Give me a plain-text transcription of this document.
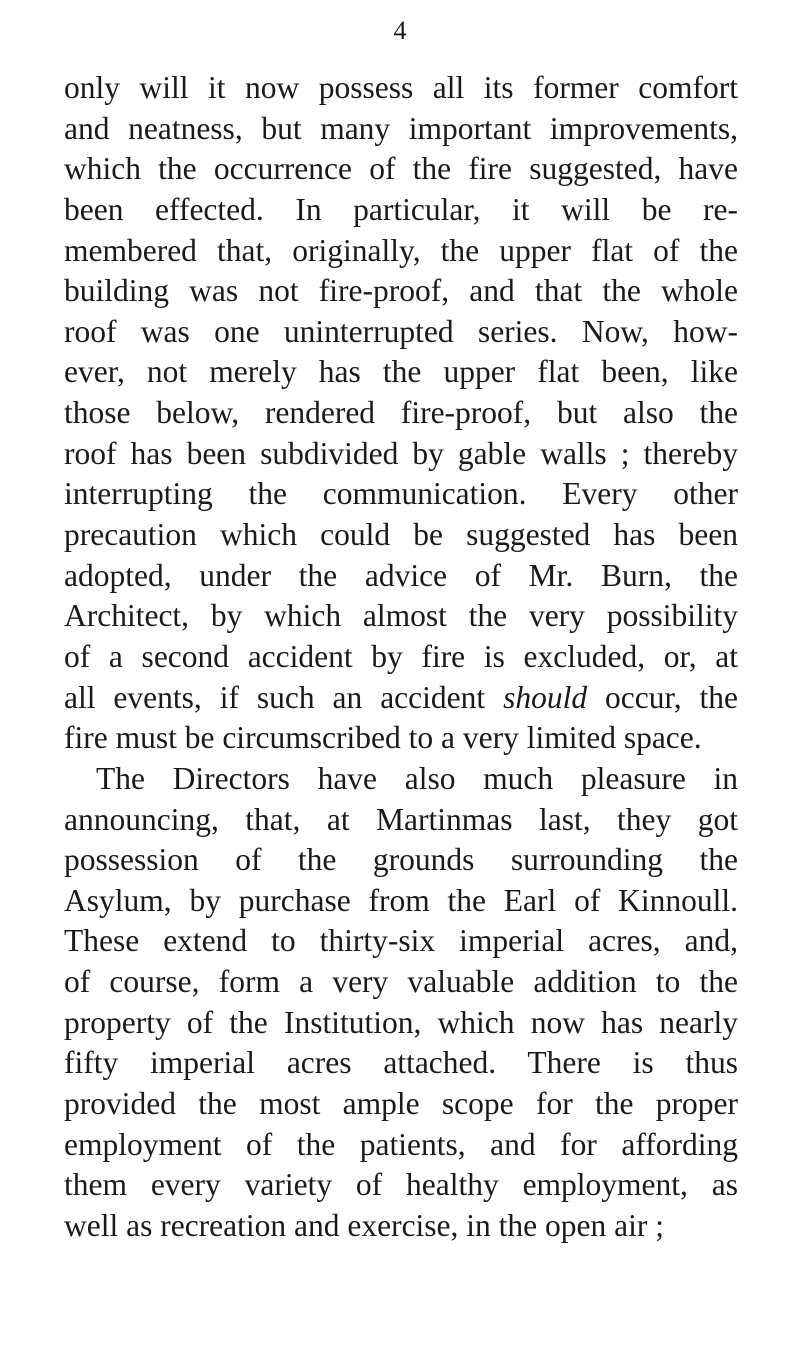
4
only will it now possess all its former comfort
and neatness, but many important improvements,
which the occurrence of the fire suggested, have
been effected. In particular, it will be re-
membered that, originally, the upper flat of the
building was not fire-proof, and that the whole
roof was one uninterrupted series. Now, how-
ever, not merely has the upper flat been, like
those below, rendered fire-proof, but also the
roof has been subdivided by gable walls ; thereby
interrupting the communication. Every other
precaution which could be suggested has been
adopted, under the advice of Mr. Burn, the
Architect, by which almost the very possibility
of a second accident by fire is excluded, or, at
all events, if such an accident should occur, the
fire must be circumscribed to a very limited space.
The Directors have also much pleasure in
announcing, that, at Martinmas last, they got
possession of the grounds surrounding the
Asylum, by purchase from the Earl of Kinnoull.
These extend to thirty-six imperial acres, and,
of course, form a very valuable addition to the
property of the Institution, which now has nearly
fifty imperial acres attached. There is thus
provided the most ample scope for the proper
employment of the patients, and for affording
them every variety of healthy employment, as
well as recreation and exercise, in the open air ;
